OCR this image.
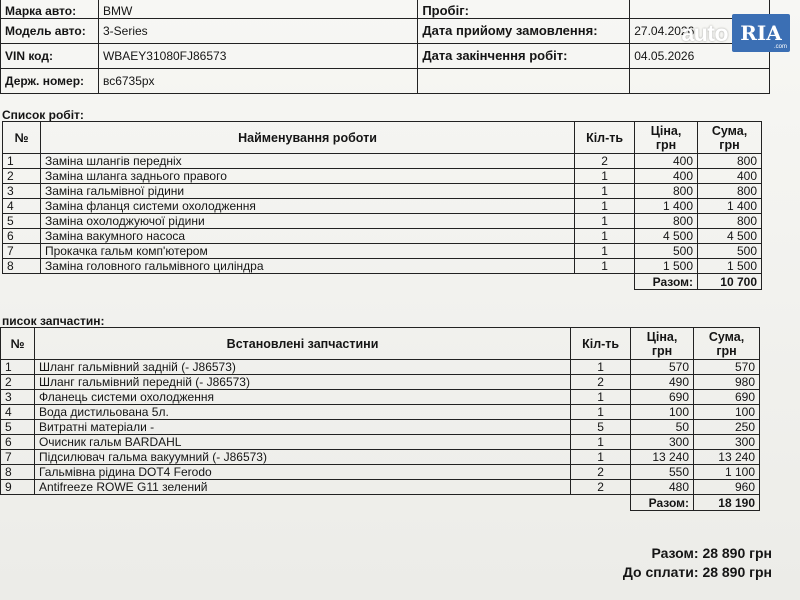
Марка авто:	BMW	Пробіг:	
Модель авто:	3-Series	Дата прийому замовлення:	27.04.2026
VIN код:	WBAEY31080FJ86573	Дата закінчення робіт:	04.05.2026
Держ. номер:	вс6735рх		
Список робіт:
№	Найменування роботи	Кіл-ть	Ціна, грн	Сума, грн
1	Заміна шлангів передніх	2	400	800
2	Заміна шланга заднього правого	1	400	400
3	Заміна гальмівної рідини	1	800	800
4	Заміна фланця системи охолодження	1	1 400	1 400
5	Заміна охолоджуючої рідини	1	800	800
6	Заміна вакумного насоса	1	4 500	4 500
7	Прокачка гальм комп'ютером	1	500	500
8	Заміна головного гальмівного циліндра	1	1 500	1 500
			Разом:	10 700
писок запчастин:
№	Встановлені запчастини	Кіл-ть	Ціна, грн	Сума, грн
1	Шланг гальмівний задній (- J86573)	1	570	570
2	Шланг гальмівний передній (- J86573)	2	490	980
3	Фланець системи охолодження	1	690	690
4	Вода дистильована 5л.	1	100	100
5	Витратні матеріали -	5	50	250
6	Очисник гальм BARDAHL	1	300	300
7	Підсилювач гальма вакуумний (- J86573)	1	13 240	13 240
8	Гальмівна рідина DOT4 Ferodo	2	550	1 100
9	Antifreeze ROWE G11 зелений	2	480	960
			Разом:	18 190
Разом: 28 890 грн
До сплати: 28 890 грн
auto RIA
.com
